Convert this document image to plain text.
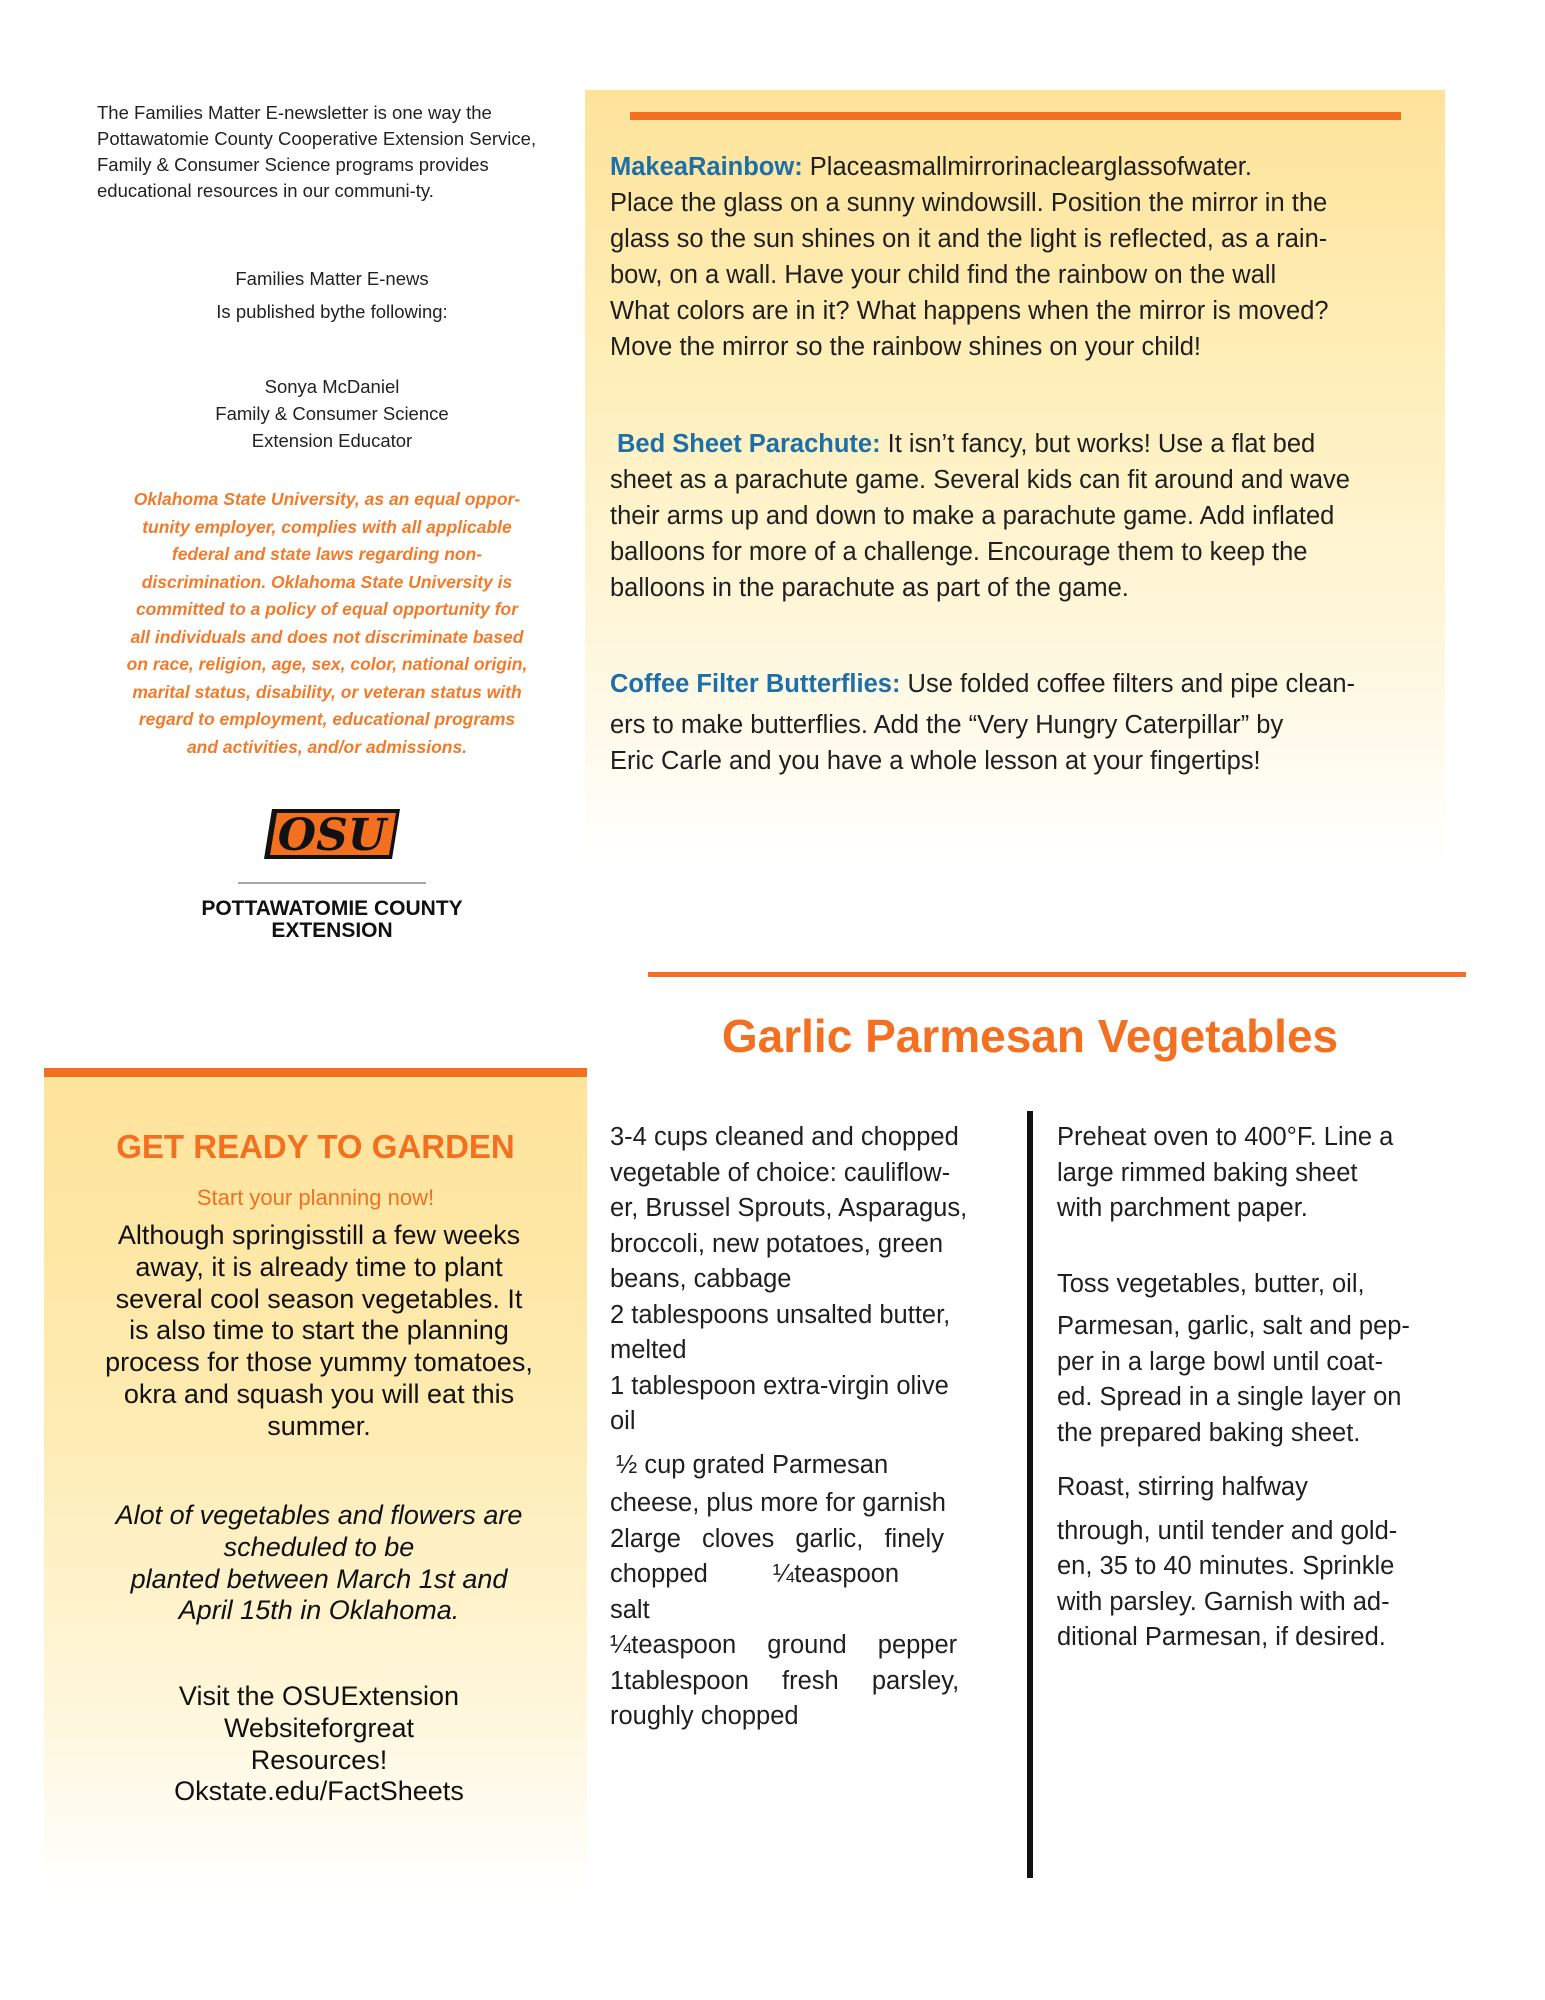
The Families Matter E-newsletter is one way the Pottawatomie County Cooperative Extension Service, Family & Consumer Science programs provides educational resources in our communi-ty.
Families Matter E-news
Is published bythe following:
Sonya McDaniel
Family & Consumer Science
Extension Educator
Oklahoma State University, as an equal oppor-
tunity employer, complies with all applicable
federal and state laws regarding non-
discrimination. Oklahoma State University is
committed to a policy of equal opportunity for
all individuals and does not discriminate based
on race, religion, age, sex, color, national origin,
marital status, disability, or veteran status with
regard to employment, educational programs
and activities, and/or admissions.
OSU
POTTAWATOMIE COUNTY
EXTENSION
MakeaRainbow: Placeasmallmirrorinaclearglassofwater.
Place the glass on a sunny windowsill. Position the mirror in the
glass so the sun shines on it and the light is reflected, as a rain-
bow, on a wall. Have your child find the rainbow on the wall
What colors are in it? What happens when the mirror is moved?
Move the mirror so the rainbow shines on your child!
Bed Sheet Parachute: It isn’t fancy, but works! Use a flat bed
sheet as a parachute game. Several kids can fit around and wave
their arms up and down to make a parachute game. Add inflated
balloons for more of a challenge. Encourage them to keep the
balloons in the parachute as part of the game.
Coffee Filter Butterflies: Use folded coffee filters and pipe clean-
ers to make butterflies. Add the “Very Hungry Caterpillar” by
Eric Carle and you have a whole lesson at your fingertips!
Garlic Parmesan Vegetables
3-4 cups cleaned and chopped
vegetable of choice: cauliflow-
er, Brussel Sprouts, Asparagus,
broccoli, new potatoes, green
beans, cabbage
2 tablespoons unsalted butter,
melted
1 tablespoon extra-virgin olive
oil
½ cup grated Parmesan
cheese, plus more for garnish
2large cloves garlic, finely
chopped ¼teaspoon salt
¼teaspoon ground pepper
1tablespoon fresh parsley,
roughly chopped
Preheat oven to 400°F. Line a
large rimmed baking sheet
with parchment paper.
Toss vegetables, butter, oil,
Parmesan, garlic, salt and pep-
per in a large bowl until coat-
ed. Spread in a single layer on
the prepared baking sheet.
Roast, stirring halfway
through, until tender and gold-
en, 35 to 40 minutes. Sprinkle
with parsley. Garnish with ad-
ditional Parmesan, if desired.
GET READY TO GARDEN
Start your planning now!
Although springisstill a few weeks
away, it is already time to plant
several cool season vegetables. It
is also time to start the planning
process for those yummy tomatoes,
okra and squash you will eat this
summer.
Alot of vegetables and flowers are
scheduled to be
planted between March 1st and
April 15th in Oklahoma.
Visit the OSUExtension
Websiteforgreat
Resources!
Okstate.edu/FactSheets
